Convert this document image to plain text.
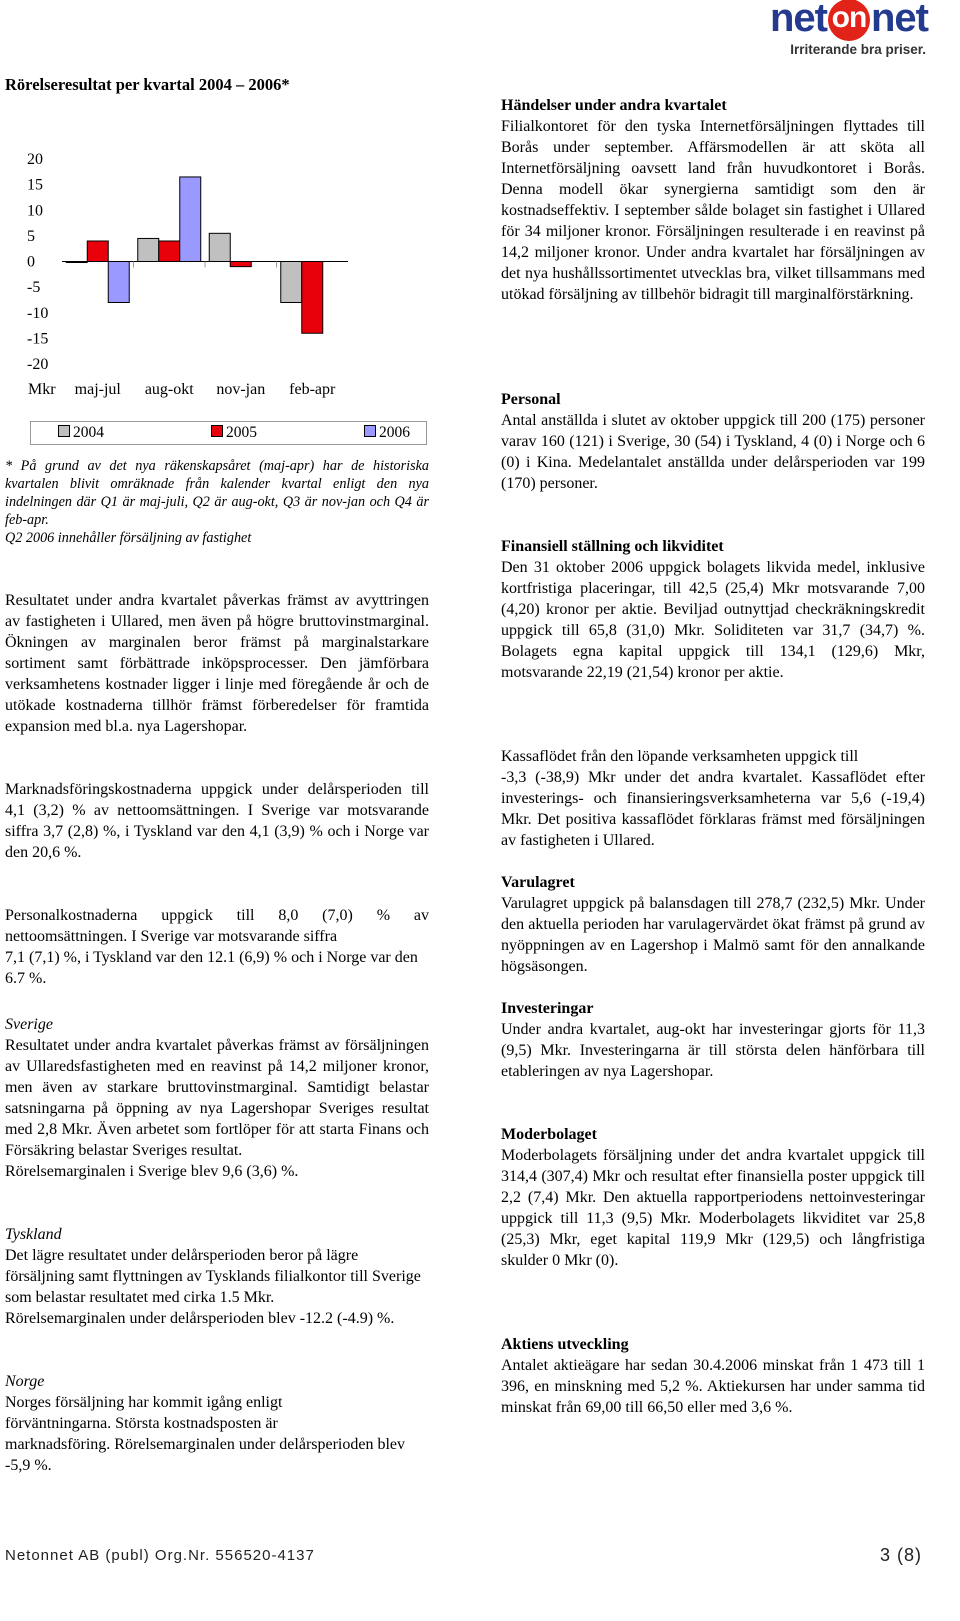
net on net
Irriterande bra priser.
Rörelseresultat per kvartal 2004 – 2006*
20
15
10
5
0
-5
-10
-15
-20
Mkr maj-jul aug-okt nov-jan feb-apr
2004	2005	2006
* På grund av det nya räkenskapsåret (maj-apr) har de historiska kvartalen blivit omräknade från kalender kvartal enligt den nya indelningen där Q1 är maj-juli, Q2 är aug-okt, Q3 är nov-jan och Q4 är feb-apr.
Q2 2006 innehåller försäljning av fastighet

Resultatet under andra kvartalet påverkas främst av avyttringen av fastigheten i Ullared, men även på högre bruttovinstmarginal. Ökningen av marginalen beror främst på marginalstarkare sortiment samt förbättrade inköpsprocesser. Den jämförbara verksamhetens kostnader ligger i linje med föregående år och de utökade kostnaderna tillhör främst förberedelser för framtida expansion med bl.a. nya Lagershopar.

Marknadsföringskostnaderna uppgick under delårsperioden till 4,1 (3,2) % av nettoomsättningen. I Sverige var motsvarande siffra 3,7 (2,8) %, i Tyskland var den 4,1 (3,9) % och i Norge var den 20,6 %.

Personalkostnaderna uppgick till 8,0 (7,0) % av nettoomsättningen. I Sverige var motsvarande siffra

7,1 (7,1) %, i Tyskland var den 12.1 (6,9) % och i Norge var den 6.7 %.

Sverige

Resultatet under andra kvartalet påverkas främst av försäljningen av Ullaredsfastigheten med en reavinst på 14,2 miljoner kronor, men även av starkare bruttovinstmarginal. Samtidigt belastar satsningarna på öppning av nya Lagershopar Sveriges resultat med 2,8 Mkr. Även arbetet som fortlöper för att starta Finans och Försäkring belastar Sveriges resultat.

Rörelsemarginalen i Sverige blev 9,6 (3,6) %.

Tyskland

Det lägre resultatet under delårsperioden beror på lägre försäljning samt flyttningen av Tysklands filialkontor till Sverige som belastar resultatet med cirka 1.5 Mkr.

Rörelsemarginalen under delårsperioden blev -12.2 (-4.9) %.

Norge

Norges försäljning har kommit igång enligt

förväntningarna. Största kostnadsposten är

marknadsföring. Rörelsemarginalen under delårsperioden blev -5,9 %.

Händelser under andra kvartalet

Filialkontoret för den tyska Internetförsäljningen flyttades till Borås under september. Affärsmodellen är att sköta all Internetförsäljning oavsett land från huvudkontoret i Borås. Denna modell ökar synergierna samtidigt som den är kostnadseffektiv. I september sålde bolaget sin fastighet i Ullared för 34 miljoner kronor. Försäljningen resulterade i en reavinst på 14,2 miljoner kronor. Under andra kvartalet har försäljningen av det nya hushållssortimentet utvecklas bra, vilket tillsammans med utökad försäljning av tillbehör bidragit till marginalförstärkning.

Personal

Antal anställda i slutet av oktober uppgick till 200 (175) personer varav 160 (121) i Sverige, 30 (54) i Tyskland, 4 (0) i Norge och 6 (0) i Kina. Medelantalet anställda under delårsperioden var 199 (170) personer.

Finansiell ställning och likviditet

Den 31 oktober 2006 uppgick bolagets likvida medel, inklusive kortfristiga placeringar, till 42,5 (25,4) Mkr motsvarande 7,00 (4,20) kronor per aktie. Beviljad outnyttjad checkräkningskredit uppgick till 65,8 (31,0) Mkr. Soliditeten var 31,7 (34,7) %. Bolagets egna kapital uppgick till 134,1 (129,6) Mkr, motsvarande 22,19 (21,54) kronor per aktie.

Kassaflödet från den löpande verksamheten uppgick till

-3,3 (-38,9) Mkr under det andra kvartalet. Kassaflödet efter investerings- och finansieringsverksamheterna var 5,6 (-19,4) Mkr. Det positiva kassaflödet förklaras främst med försäljningen av fastigheten i Ullared.

Varulagret

Varulagret uppgick på balansdagen till 278,7 (232,5) Mkr. Under den aktuella perioden har varulagervärdet ökat främst på grund av nyöppningen av en Lagershop i Malmö samt för den annalkande högsäsongen.

Investeringar

Under andra kvartalet, aug-okt har investeringar gjorts för 11,3 (9,5) Mkr. Investeringarna är till största delen hänförbara till etableringen av nya Lagershopar.

Moderbolaget

Moderbolagets försäljning under det andra kvartalet uppgick till 314,4 (307,4) Mkr och resultat efter finansiella poster uppgick till 2,2 (7,4) Mkr. Den aktuella rapportperiodens nettoinvesteringar uppgick till 11,3 (9,5) Mkr. Moderbolagets likviditet var 25,8 (25,3) Mkr, eget kapital 119,9 Mkr (129,5) och långfristiga skulder 0 Mkr (0).

Aktiens utveckling

Antalet aktieägare har sedan 30.4.2006 minskat från 1 473 till 1 396, en minskning med 5,2 %. Aktiekursen har under samma tid minskat från 69,00 till 66,50 eller med 3,6 %.

Netonnet AB (publ) Org.Nr. 556520-4137	3 (8)
